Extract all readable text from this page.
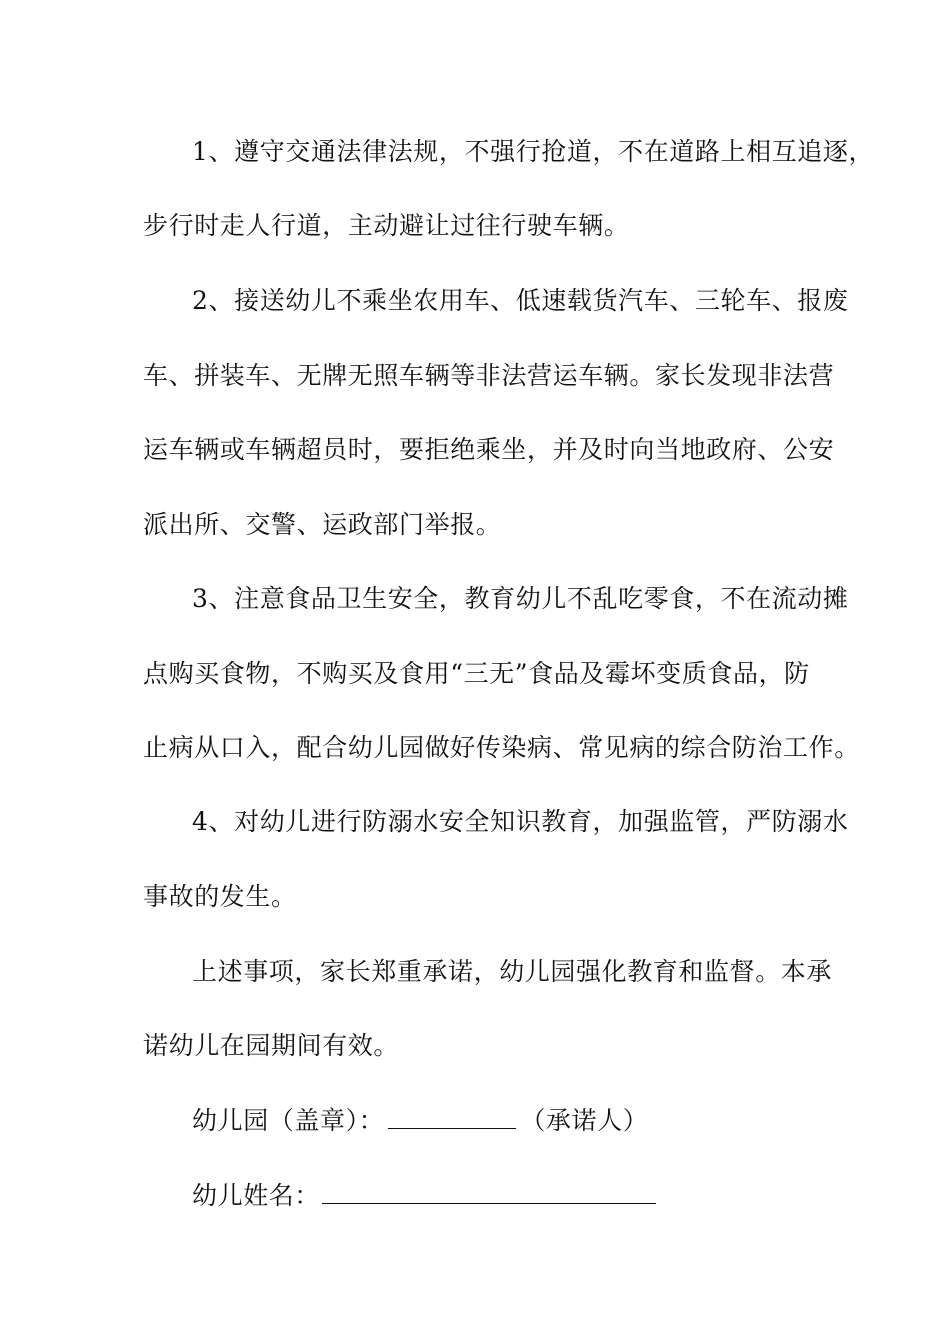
1、遵守交通法律法规，不强行抢道，不在道路上相互追逐，
步行时走人行道，主动避让过往行驶车辆。
2、接送幼儿不乘坐农用车、低速载货汽车、三轮车、报废
车、拼装车、无牌无照车辆等非法营运车辆。家长发现非法营
运车辆或车辆超员时，要拒绝乘坐，并及时向当地政府、公安
派出所、交警、运政部门举报。
3、注意食品卫生安全，教育幼儿不乱吃零食，不在流动摊
点购买食物，不购买及食用“三无”食品及霉坏变质食品，防
止病从口入，配合幼儿园做好传染病、常见病的综合防治工作。
4、对幼儿进行防溺水安全知识教育，加强监管，严防溺水
事故的发生。
上述事项，家长郑重承诺，幼儿园强化教育和监督。本承
诺幼儿在园期间有效。
幼儿园（盖章）：	（承诺人）
幼儿姓名：
